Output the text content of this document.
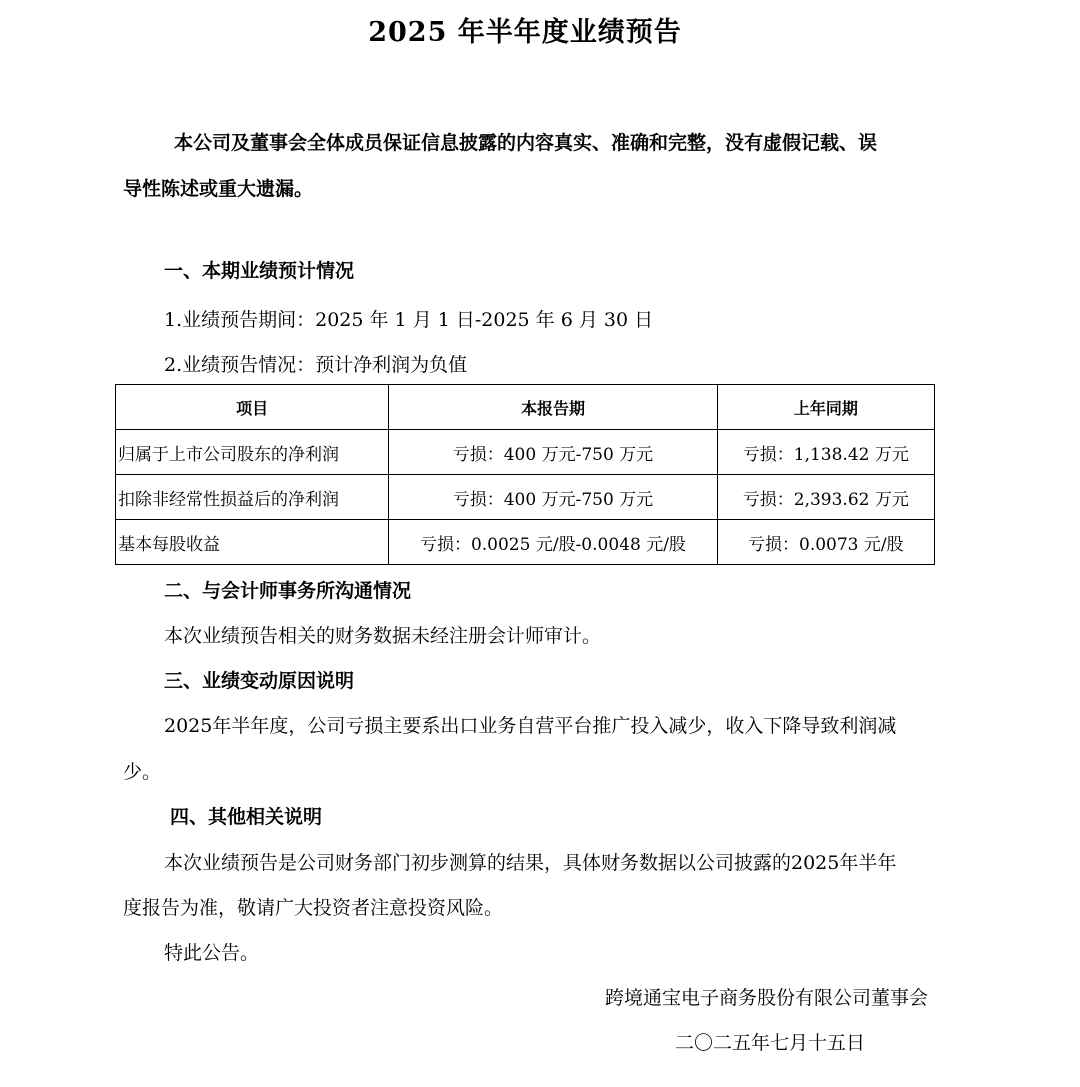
2025 年半年度业绩预告
本公司及董事会全体成员保证信息披露的内容真实、准确和完整，没有虚假记载、误
导性陈述或重大遗漏。
一、本期业绩预计情况
1.业绩预告期间：2025 年 1 月 1 日-2025 年 6 月 30 日
2.业绩预告情况：预计净利润为负值
项目	本报告期	上年同期
归属于上市公司股东的净利润	亏损：400 万元-750 万元	亏损：1,138.42 万元
扣除非经常性损益后的净利润	亏损：400 万元-750 万元	亏损：2,393.62 万元
基本每股收益	亏损：0.0025 元/股-0.0048 元/股	亏损：0.0073 元/股
二、与会计师事务所沟通情况
本次业绩预告相关的财务数据未经注册会计师审计。
三、业绩变动原因说明
2025年半年度，公司亏损主要系出口业务自营平台推广投入减少，收入下降导致利润减
少。
四、其他相关说明
本次业绩预告是公司财务部门初步测算的结果，具体财务数据以公司披露的2025年半年
度报告为准，敬请广大投资者注意投资风险。
特此公告。
跨境通宝电子商务股份有限公司董事会
二〇二五年七月十五日
